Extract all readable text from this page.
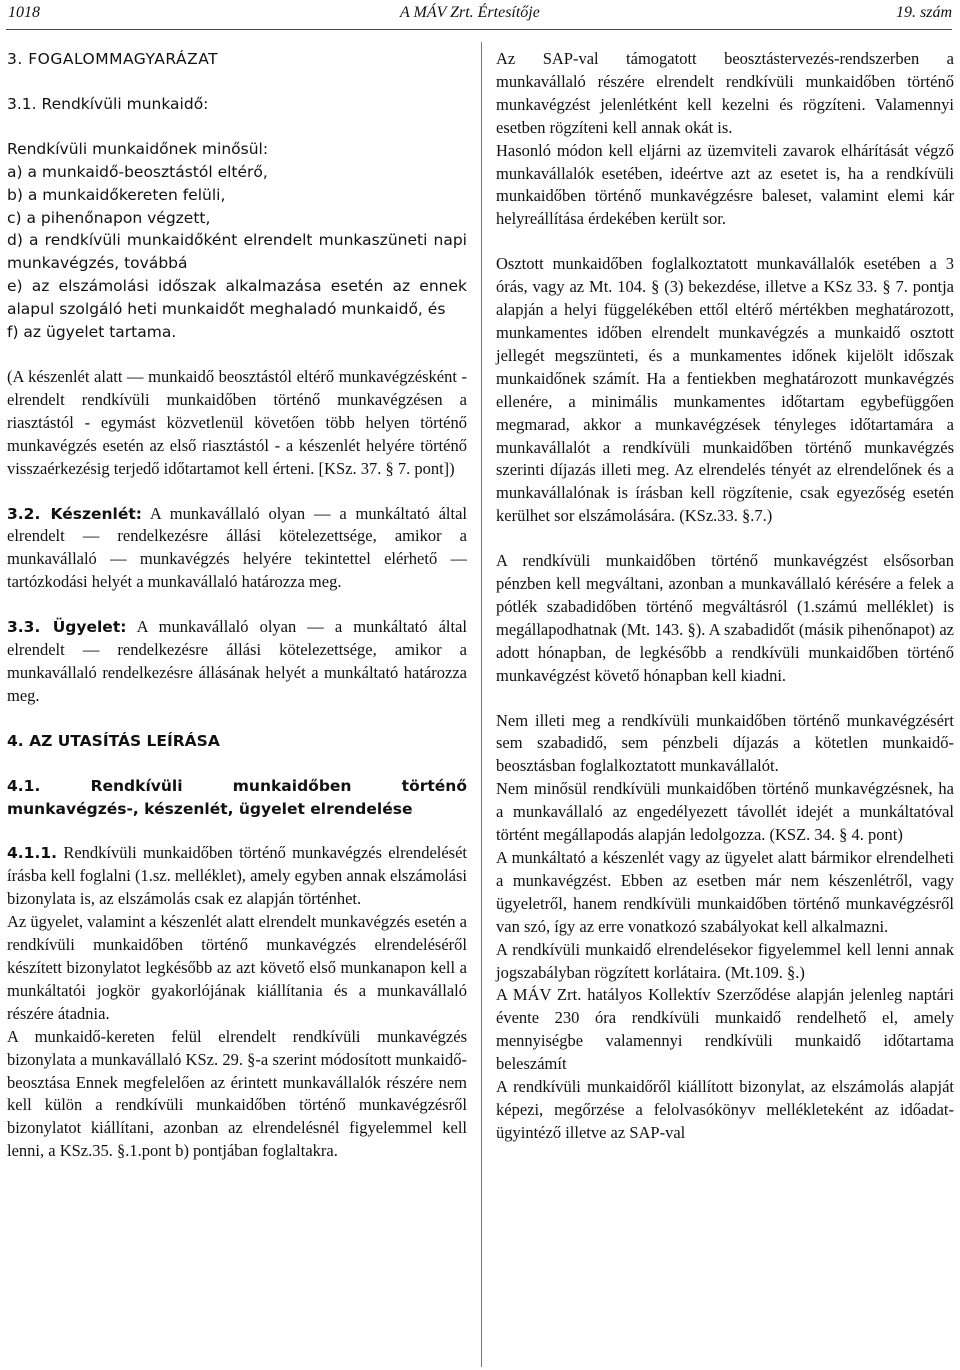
1018	A MÁV Zrt. Értesítője	19. szám

3. FOGALOMMAGYARÁZAT

3.1. Rendkívüli munkaidő:

Rendkívüli munkaidőnek minősül:

a) a munkaidő-beosztástól eltérő,

b) a munkaidőkereten felüli,

c) a pihenőnapon végzett,

d) a rendkívüli munkaidőként elrendelt munkaszüneti napi munkavégzés, továbbá

e) az elszámolási időszak alkalmazása esetén az ennek alapul szolgáló heti munkaidőt meghaladó munkaidő, és

f) az ügyelet tartama.

(A készenlét alatt — munkaidő beosztástól eltérő munkavégzésként - elrendelt rendkívüli munkaidőben történő munkavégzésen a riasztástól - egymást közvetlenül követően több helyen történő munkavégzés esetén az első riasztástól - a készenlét helyére történő visszaérkezésig terjedő időtartamot kell érteni. [KSz. 37. § 7. pont])

3.2. Készenlét: A munkavállaló olyan — a munkáltató által elrendelt — rendelkezésre állási kötelezettsége, amikor a munkavállaló — munkavégzés helyére tekintettel elérhető — tartózkodási helyét a munkavállaló határozza meg.

3.3. Ügyelet: A munkavállaló olyan — a munkáltató által elrendelt — rendelkezésre állási kötelezettsége, amikor a munkavállaló rendelkezésre állásának helyét a munkáltató határozza meg.

4. AZ UTASÍTÁS LEÍRÁSA

4.1. Rendkívüli munkaidőben történő munkavégzés-, készenlét, ügyelet elrendelése

4.1.1. Rendkívüli munkaidőben történő munkavégzés elrendelését írásba kell foglalni (1.sz. melléklet), amely egyben annak elszámolási bizonylata is, az elszámolás csak ez alapján történhet.

Az ügyelet, valamint a készenlét alatt elrendelt munkavégzés esetén a rendkívüli munkaidőben történő munkavégzés elrendeléséről készített bizonylatot legkésőbb az azt követő első munkanapon kell a munkáltatói jogkör gyakorlójának kiállítania és a munkavállaló részére átadnia.

A munkaidő-kereten felül elrendelt rendkívüli munkavégzés bizonylata a munkavállaló KSz. 29. §-a szerint módosított munkaidő-beosztása Ennek megfelelően az érintett munkavállalók részére nem kell külön a rendkívüli munkaidőben történő munkavégzésről bizonylatot kiállítani, azonban az elrendelésnél figyelemmel kell lenni, a KSz.35. §.1.pont b) pontjában foglaltakra.

Az SAP-val támogatott beosztástervezés-rendszerben a munkavállaló részére elrendelt rendkívüli munkaidőben történő munkavégzést jelenlétként kell kezelni és rögzíteni. Valamennyi esetben rögzíteni kell annak okát is.

Hasonló módon kell eljárni az üzemviteli zavarok elhárítását végző munkavállalók esetében, ideértve azt az esetet is, ha a rendkívüli munkaidőben történő munkavégzésre baleset, valamint elemi kár helyreállítása érdekében került sor.

Osztott munkaidőben foglalkoztatott munkavállalók esetében a 3 órás, vagy az Mt. 104. § (3) bekezdése, illetve a KSz 33. § 7. pontja alapján a helyi függelékében ettől eltérő mértékben meghatározott, munkamentes időben elrendelt munkavégzés a munkaidő osztott jellegét megszünteti, és a munkamentes időnek kijelölt időszak munkaidőnek számít. Ha a fentiekben meghatározott munkavégzés ellenére, a minimális munkamentes időtartam egybefüggően megmarad, akkor a munkavégzések tényleges időtartamára a munkavállalót a rendkívüli munkaidőben történő munkavégzés szerinti díjazás illeti meg. Az elrendelés tényét az elrendelőnek és a munkavállalónak is írásban kell rögzítenie, csak egyezőség esetén kerülhet sor elszámolására. (KSz.33. §.7.)

A rendkívüli munkaidőben történő munkavégzést elsősorban pénzben kell megváltani, azonban a munkavállaló kérésére a felek a pótlék szabadidőben történő megváltásról (1.számú melléklet) is megállapodhatnak (Mt. 143. §). A szabadidőt (másik pihenőnapot) az adott hónapban, de legkésőbb a rendkívüli munkaidőben történő munkavégzést követő hónapban kell kiadni.

Nem illeti meg a rendkívüli munkaidőben történő munkavégzésért sem szabadidő, sem pénzbeli díjazás a kötetlen munkaidő-beosztásban foglalkoztatott munkavállalót.

Nem minősül rendkívüli munkaidőben történő munkavégzésnek, ha a munkavállaló az engedélyezett távollét idejét a munkáltatóval történt megállapodás alapján ledolgozza. (KSZ. 34. § 4. pont)

A munkáltató a készenlét vagy az ügyelet alatt bármikor elrendelheti a munkavégzést. Ebben az esetben már nem készenlétről, vagy ügyeletről, hanem rendkívüli munkaidőben történő munkavégzésről van szó, így az erre vonatkozó szabályokat kell alkalmazni.

A rendkívüli munkaidő elrendelésekor figyelemmel kell lenni annak jogszabályban rögzített korlátaira. (Mt.109. §.)

A MÁV Zrt. hatályos Kollektív Szerződése alapján jelenleg naptári évente 230 óra rendkívüli munkaidő rendelhető el, amely mennyiségbe valamennyi rendkívüli munkaidő időtartama beleszámít

A rendkívüli munkaidőről kiállított bizonylat, az elszámolás alapját képezi, megőrzése a felolvasókönyv mellékleteként az időadat-ügyintéző illetve az SAP-val
